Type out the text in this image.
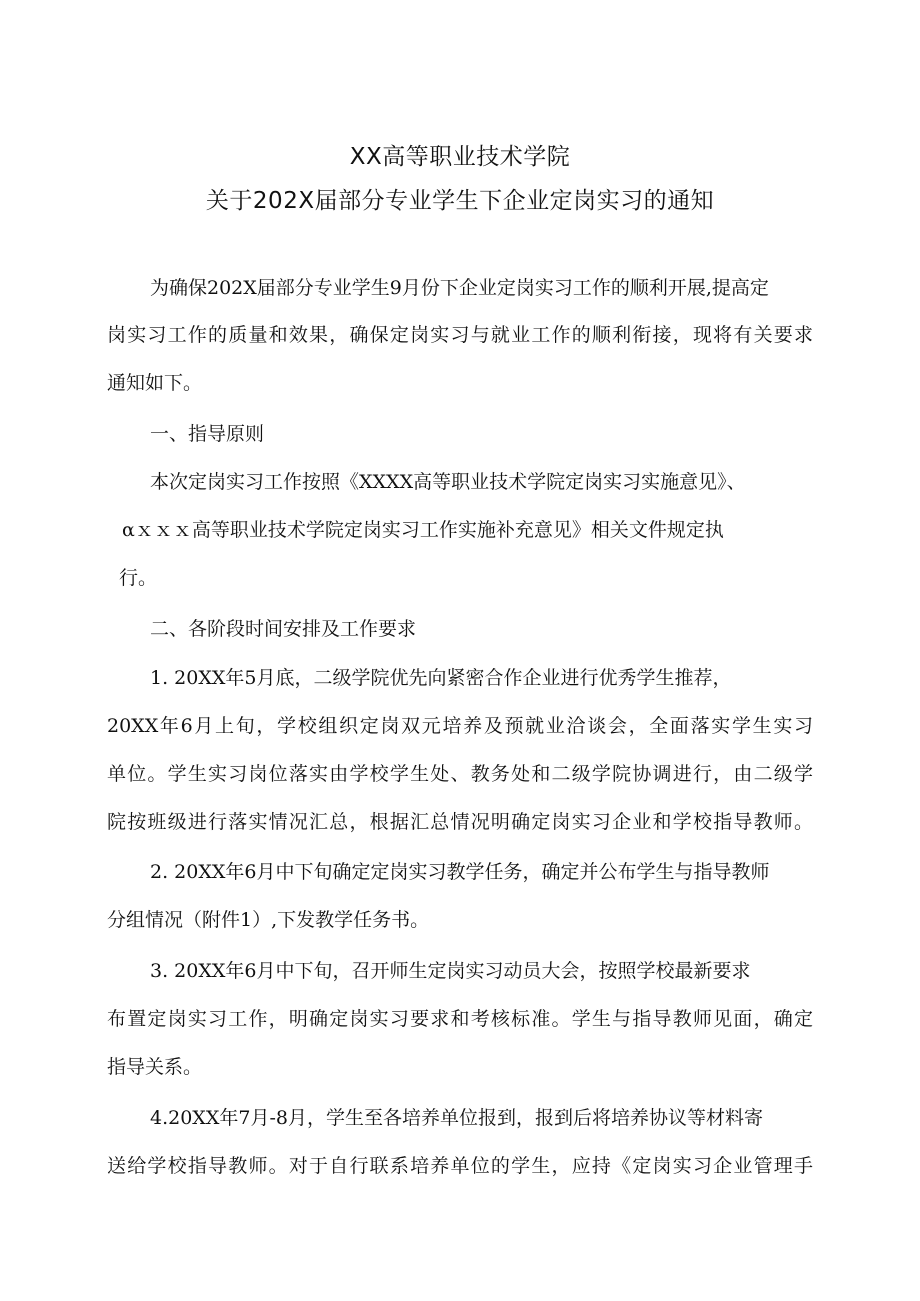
XX高等职业技术学院
关于202X届部分专业学生下企业定岗实习的通知
为确保202X届部分专业学生9月份下企业定岗实习工作的顺利开展,提高定
岗实习工作的质量和效果，确保定岗实习与就业工作的顺利衔接，现将有关要求
通知如下。
一、指导原则
本次定岗实习工作按照《XXXX高等职业技术学院定岗实习实施意见》、
αｘｘｘ高等职业技术学院定岗实习工作实施补充意见》相关文件规定执
行。
二、各阶段时间安排及工作要求
1. 20XX年5月底，二级学院优先向紧密合作企业进行优秀学生推荐，
20XX年6月上旬，学校组织定岗双元培养及预就业洽谈会，全面落实学生实习
单位。学生实习岗位落实由学校学生处、教务处和二级学院协调进行，由二级学
院按班级进行落实情况汇总，根据汇总情况明确定岗实习企业和学校指导教师。
2. 20XX年6月中下旬确定定岗实习教学任务，确定并公布学生与指导教师
分组情况（附件1）,下发教学任务书。
3. 20XX年6月中下旬，召开师生定岗实习动员大会，按照学校最新要求
布置定岗实习工作，明确定岗实习要求和考核标准。学生与指导教师见面，确定
指导关系。
4.20XX年7月-8月，学生至各培养单位报到，报到后将培养协议等材料寄
送给学校指导教师。对于自行联系培养单位的学生，应持《定岗实习企业管理手
